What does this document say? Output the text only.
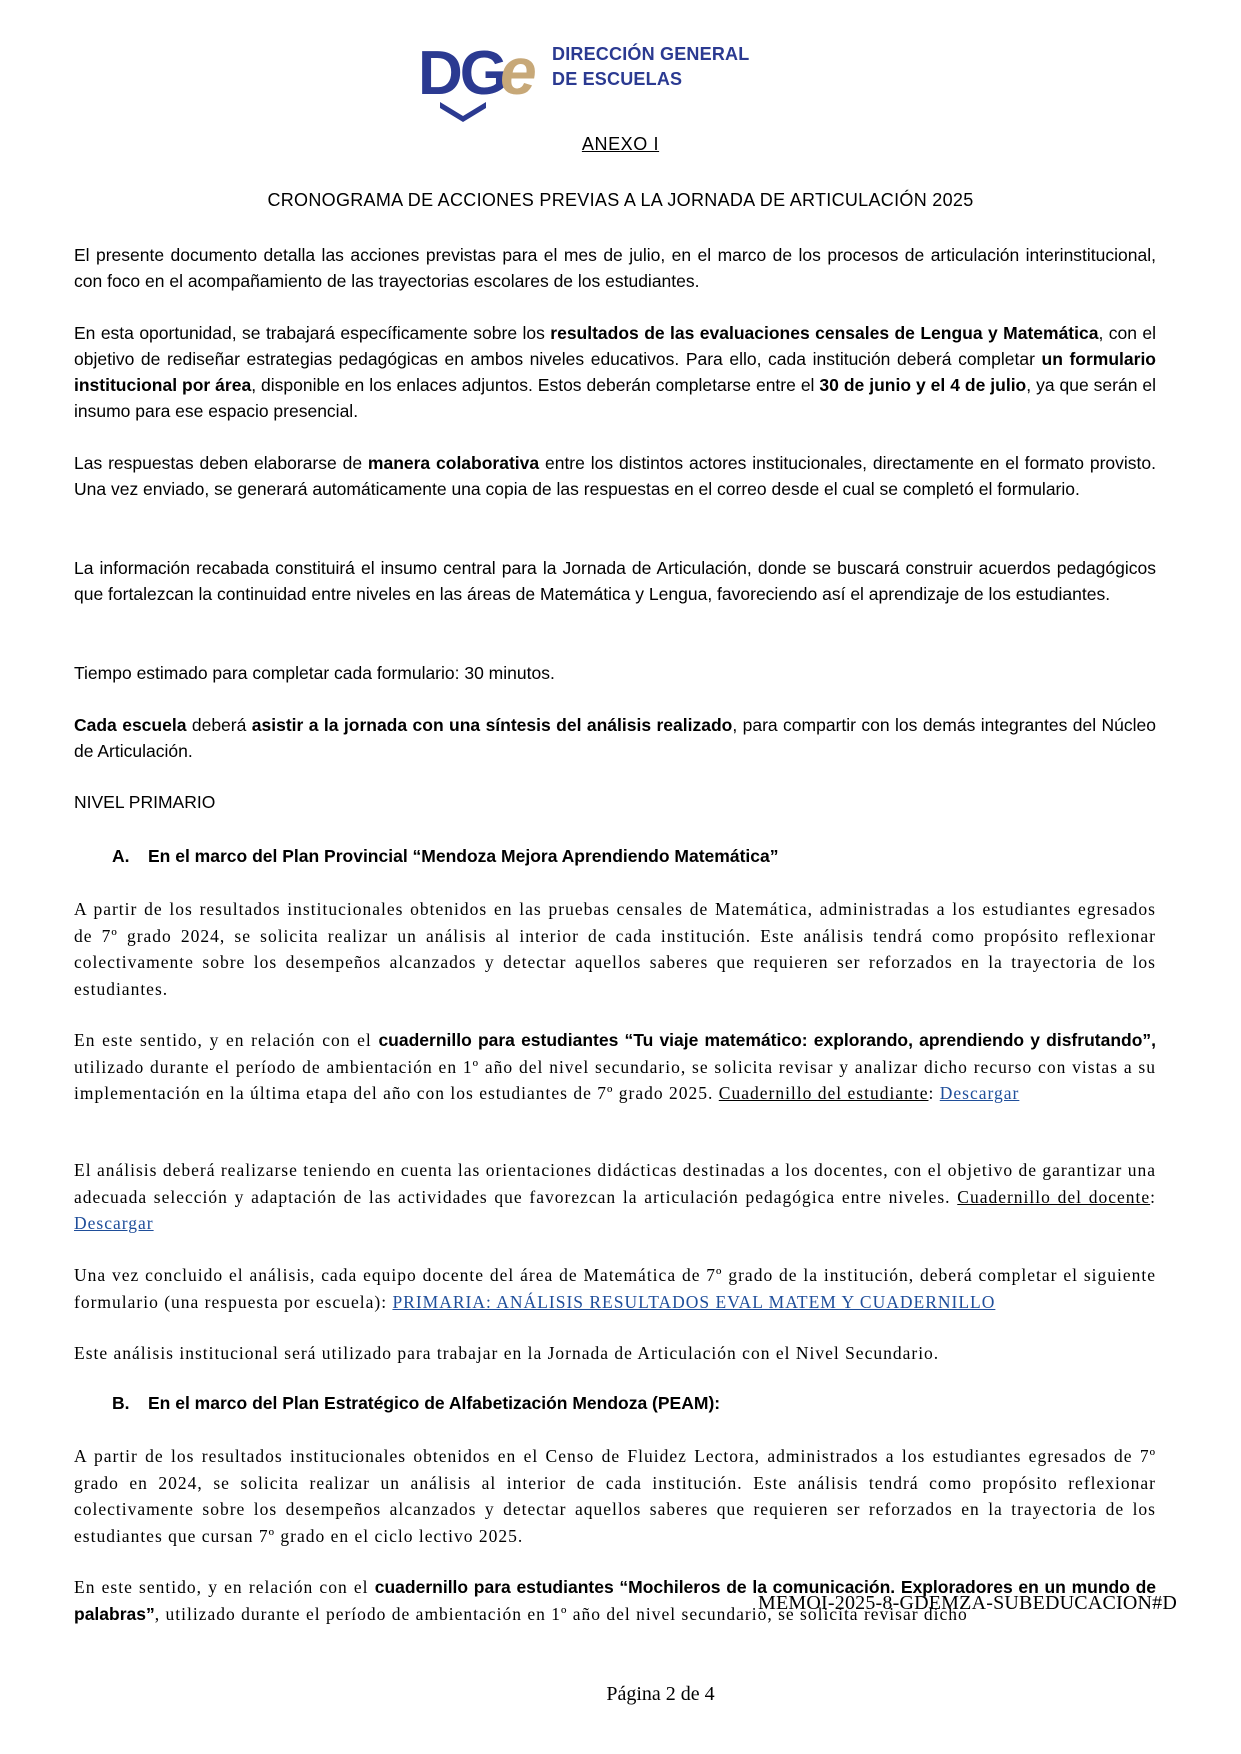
DG
e DIRECCIÓN GENERAL
DE ESCUELAS
ANEXO I
CRONOGRAMA DE ACCIONES PREVIAS A LA JORNADA DE ARTICULACIÓN 2025

El presente documento detalla las acciones previstas para el mes de julio, en el marco de los procesos de articulación interinstitucional, con foco en el acompañamiento de las trayectorias escolares de los estudiantes.

En esta oportunidad, se trabajará específicamente sobre los resultados de las evaluaciones censales de Lengua y Matemática, con el objetivo de rediseñar estrategias pedagógicas en ambos niveles educativos. Para ello, cada institución deberá completar un formulario institucional por área, disponible en los enlaces adjuntos. Estos deberán completarse entre el 30 de junio y el 4 de julio, ya que serán el insumo para ese espacio presencial.

Las respuestas deben elaborarse de manera colaborativa entre los distintos actores institucionales, directamente en el formato provisto. Una vez enviado, se generará automáticamente una copia de las respuestas en el correo desde el cual se completó el formulario.

La información recabada constituirá el insumo central para la Jornada de Articulación, donde se buscará construir acuerdos pedagógicos que fortalezcan la continuidad entre niveles en las áreas de Matemática y Lengua, favoreciendo así el aprendizaje de los estudiantes.

Tiempo estimado para completar cada formulario: 30 minutos.

Cada escuela deberá asistir a la jornada con una síntesis del análisis realizado, para compartir con los demás integrantes del Núcleo de Articulación.

NIVEL PRIMARIO
A. En el marco del Plan Provincial “Mendoza Mejora Aprendiendo Matemática”

A partir de los resultados institucionales obtenidos en las pruebas censales de Matemática, administradas a los estudiantes egresados de 7º grado 2024, se solicita realizar un análisis al interior de cada institución. Este análisis tendrá como propósito reflexionar colectivamente sobre los desempeños alcanzados y detectar aquellos saberes que requieren ser reforzados en la trayectoria de los estudiantes.

En este sentido, y en relación con el cuadernillo para estudiantes “Tu viaje matemático: explorando, aprendiendo y disfrutando”, utilizado durante el período de ambientación en 1º año del nivel secundario, se solicita revisar y analizar dicho recurso con vistas a su implementación en la última etapa del año con los estudiantes de 7º grado 2025. Cuadernillo del estudiante: Descargar

El análisis deberá realizarse teniendo en cuenta las orientaciones didácticas destinadas a los docentes, con el objetivo de garantizar una adecuada selección y adaptación de las actividades que favorezcan la articulación pedagógica entre niveles. Cuadernillo del docente: Descargar

Una vez concluido el análisis, cada equipo docente del área de Matemática de 7º grado de la institución, deberá completar el siguiente formulario (una respuesta por escuela): PRIMARIA: ANÁLISIS RESULTADOS EVAL MATEM Y CUADERNILLO

Este análisis institucional será utilizado para trabajar en la Jornada de Articulación con el Nivel Secundario.

B. En el marco del Plan Estratégico de Alfabetización Mendoza (PEAM):

A partir de los resultados institucionales obtenidos en el Censo de Fluidez Lectora, administrados a los estudiantes egresados de 7º grado en 2024, se solicita realizar un análisis al interior de cada institución. Este análisis tendrá como propósito reflexionar colectivamente sobre los desempeños alcanzados y detectar aquellos saberes que requieren ser reforzados en la trayectoria de los estudiantes que cursan 7º grado en el ciclo lectivo 2025.

En este sentido, y en relación con el cuadernillo para estudiantes “Mochileros de la comunicación. Exploradores en un mundo de palabras”, utilizado durante el período de ambientación en 1º año del nivel secundario, se solicita revisar dicho

MEMOI-2025-8-GDEMZA-SUBEDUCACION#D
Página 2 de 4
